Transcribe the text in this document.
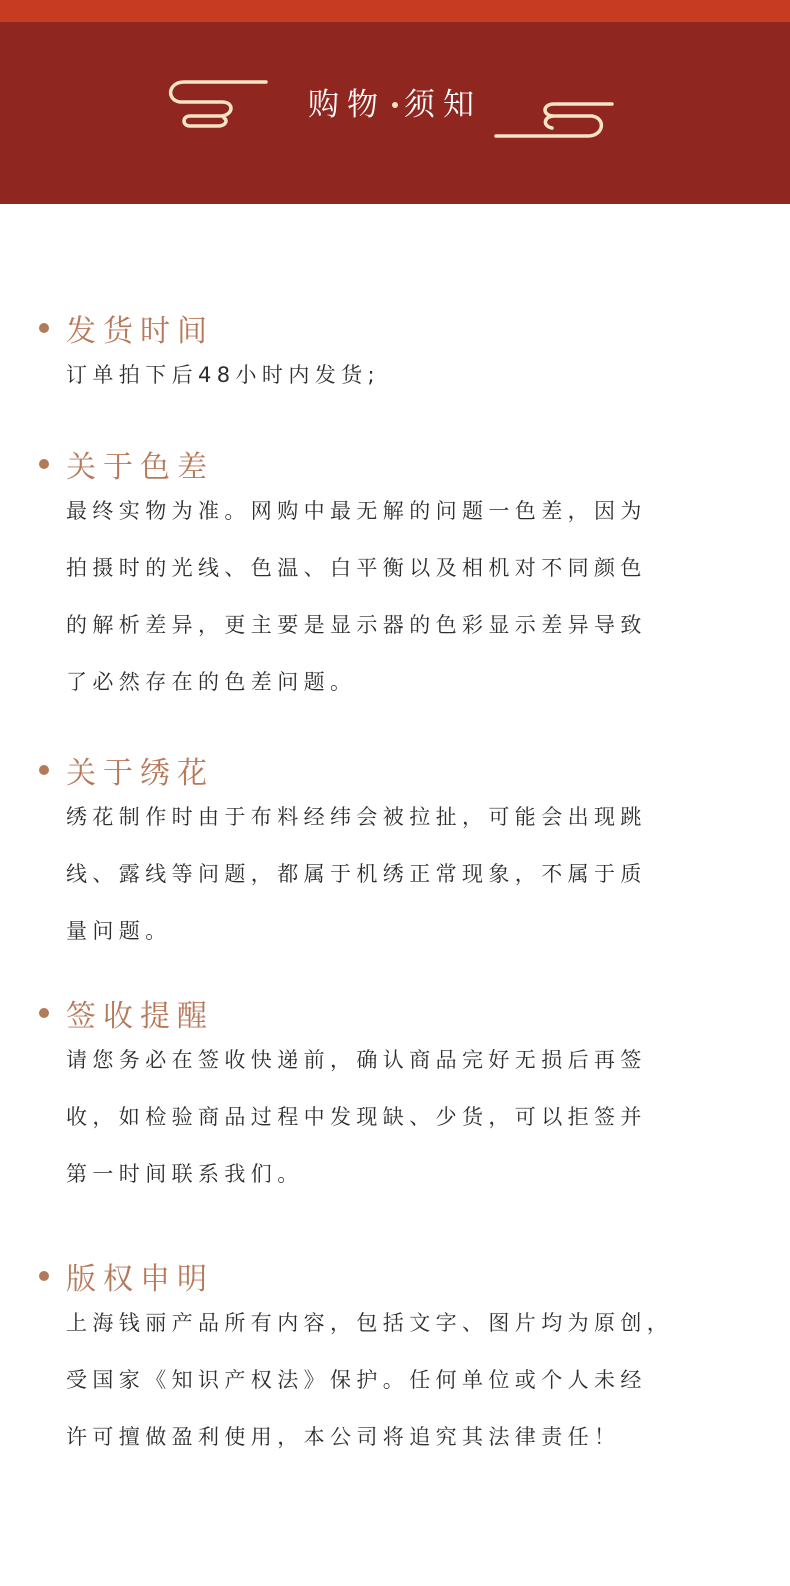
购物 须知
发货时间

订单拍下后48小时内发货;

关于色差

最终实物为准。网购中最无解的问题一色差，因为

拍摄时的光线、色温、白平衡以及相机对不同颜色

的解析差异，更主要是显示器的色彩显示差异导致

了必然存在的色差问题。

关于绣花

绣花制作时由于布料经纬会被拉扯，可能会出现跳

线、露线等问题，都属于机绣正常现象，不属于质

量问题。

签收提醒

请您务必在签收快递前，确认商品完好无损后再签

收，如检验商品过程中发现缺、少货，可以拒签并

第一时间联系我们。

版权申明

上海钱丽产品所有内容，包括文字、图片均为原创，

受国家《知识产权法》保护。任何单位或个人未经

许可擅做盈利使用，本公司将追究其法律责任！
